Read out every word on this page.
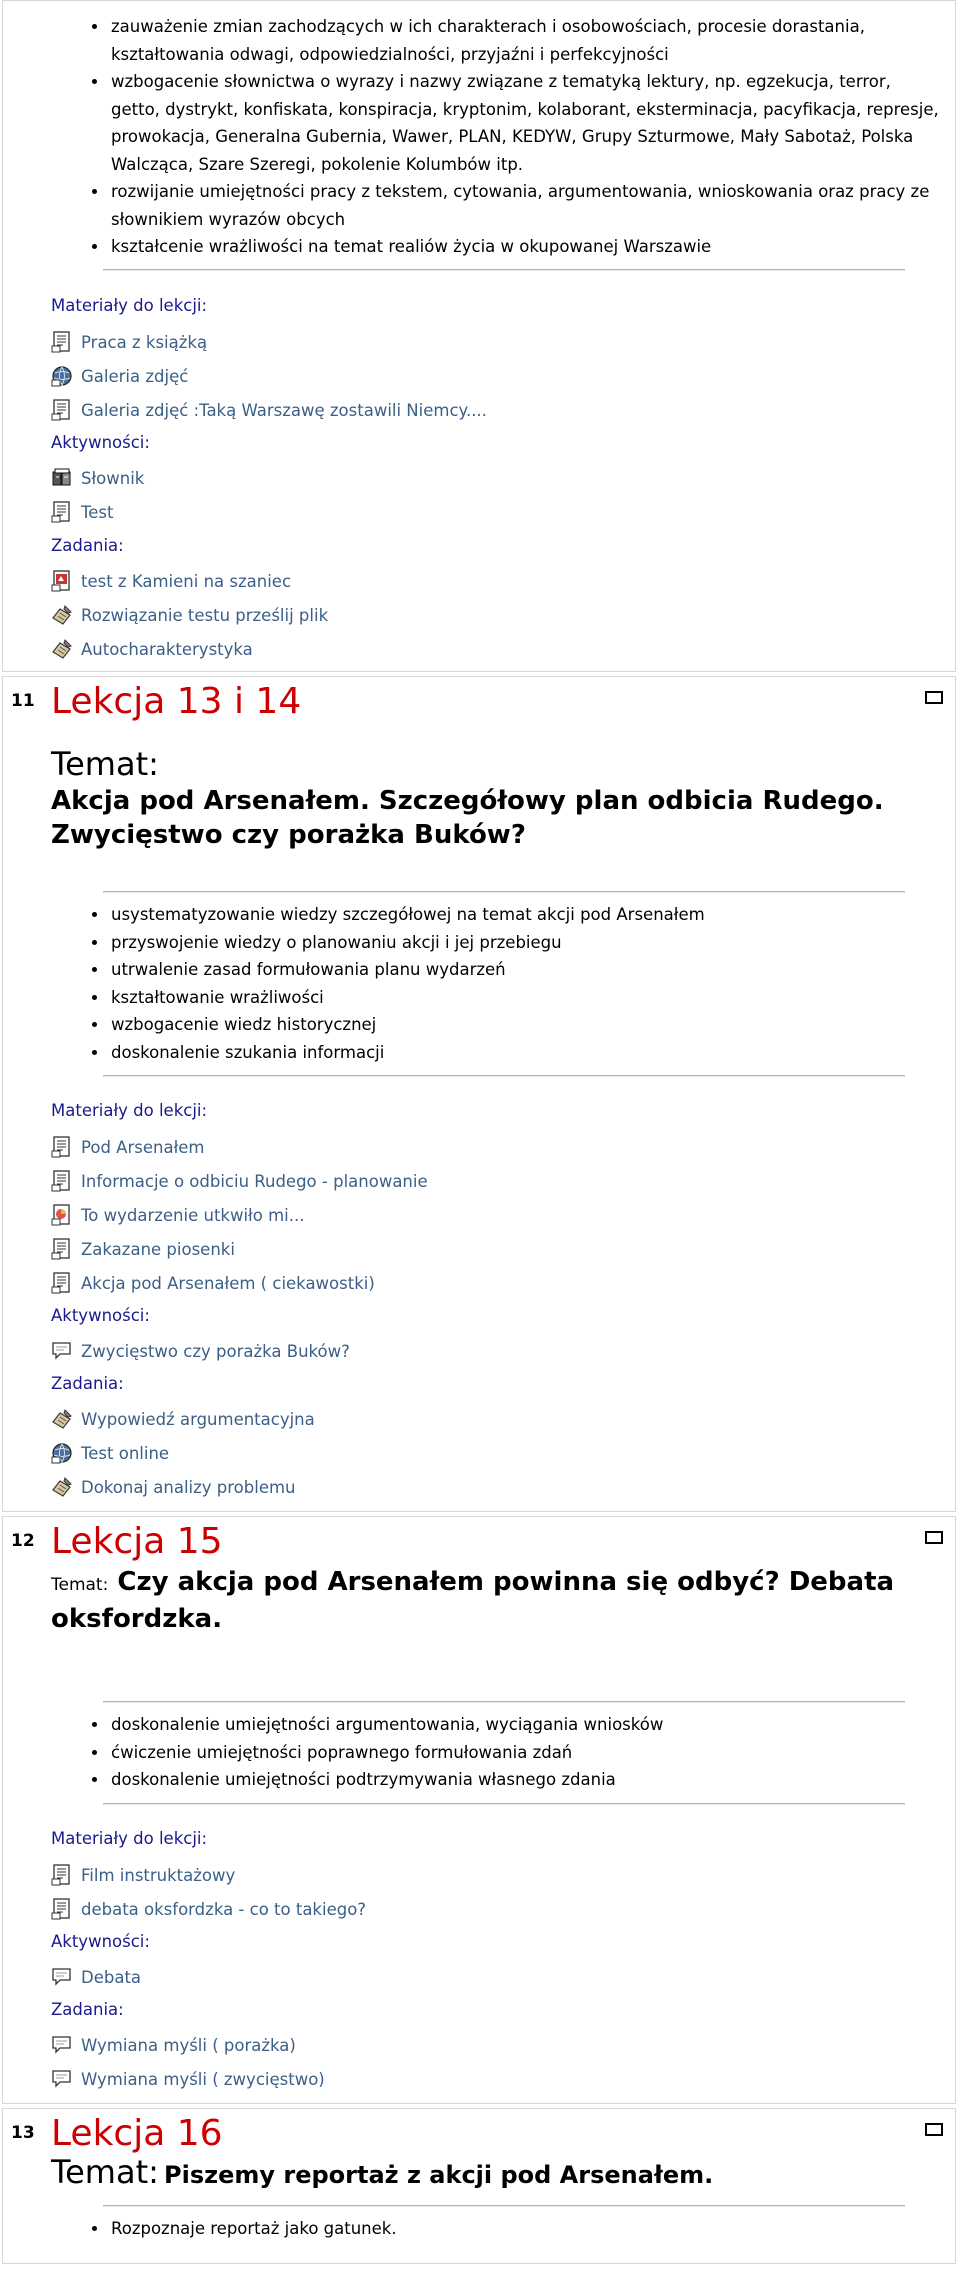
• zauważenie zmian zachodzących w ich charakterach i osobowościach, procesie dorastania, kształtowania odwagi, odpowiedzialności, przyjaźni i perfekcyjności
• wzbogacenie słownictwa o wyrazy i nazwy związane z tematyką lektury, np. egzekucja, terror, getto, dystrykt, konfiskata, konspiracja, kryptonim, kolaborant, eksterminacja, pacyfikacja, represje, prowokacja, Generalna Gubernia, Wawer, PLAN, KEDYW, Grupy Szturmowe, Mały Sabotaż, Polska Walcząca, Szare Szeregi, pokolenie Kolumbów itp.
• rozwijanie umiejętności pracy z tekstem, cytowania, argumentowania, wnioskowania oraz pracy ze słownikiem wyrazów obcych
• kształcenie wrażliwości na temat realiów życia w okupowanej Warszawie
Materiały do lekcji:
Praca z książką
Galeria zdjęć
Galeria zdjęć :Taką Warszawę zostawili Niemcy....
Aktywności:
Słownik
Test
Zadania:
test z Kamieni na szaniec
Rozwiązanie testu prześlij plik
Autocharakterystyka
11 Lekcja 13 i 14
Temat:
Akcja pod Arsenałem. Szczegółowy plan odbicia Rudego. Zwycięstwo czy porażka Buków?
• usystematyzowanie wiedzy szczegółowej na temat akcji pod Arsenałem
• przyswojenie wiedzy o planowaniu akcji i jej przebiegu
• utrwalenie zasad formułowania planu wydarzeń
• kształtowanie wrażliwości
• wzbogacenie wiedz historycznej
• doskonalenie szukania informacji
Materiały do lekcji:
Pod Arsenałem
Informacje o odbiciu Rudego - planowanie
To wydarzenie utkwiło mi...
Zakazane piosenki
Akcja pod Arsenałem ( ciekawostki)
Aktywności:
Zwycięstwo czy porażka Buków?
Zadania:
Wypowiedź argumentacyjna
Test online
Dokonaj analizy problemu
12 Lekcja 15
Temat: Czy akcja pod Arsenałem powinna się odbyć? Debata oksfordzka.
• doskonalenie umiejętności argumentowania, wyciągania wniosków
• ćwiczenie umiejętności poprawnego formułowania zdań
• doskonalenie umiejętności podtrzymywania własnego zdania
Materiały do lekcji:
Film instruktażowy
debata oksfordzka - co to takiego?
Aktywności:
Debata
Zadania:
Wymiana myśli ( porażka)
Wymiana myśli ( zwycięstwo)
13 Lekcja 16
Temat: Piszemy reportaż z akcji pod Arsenałem.
• Rozpoznaje reportaż jako gatunek.
